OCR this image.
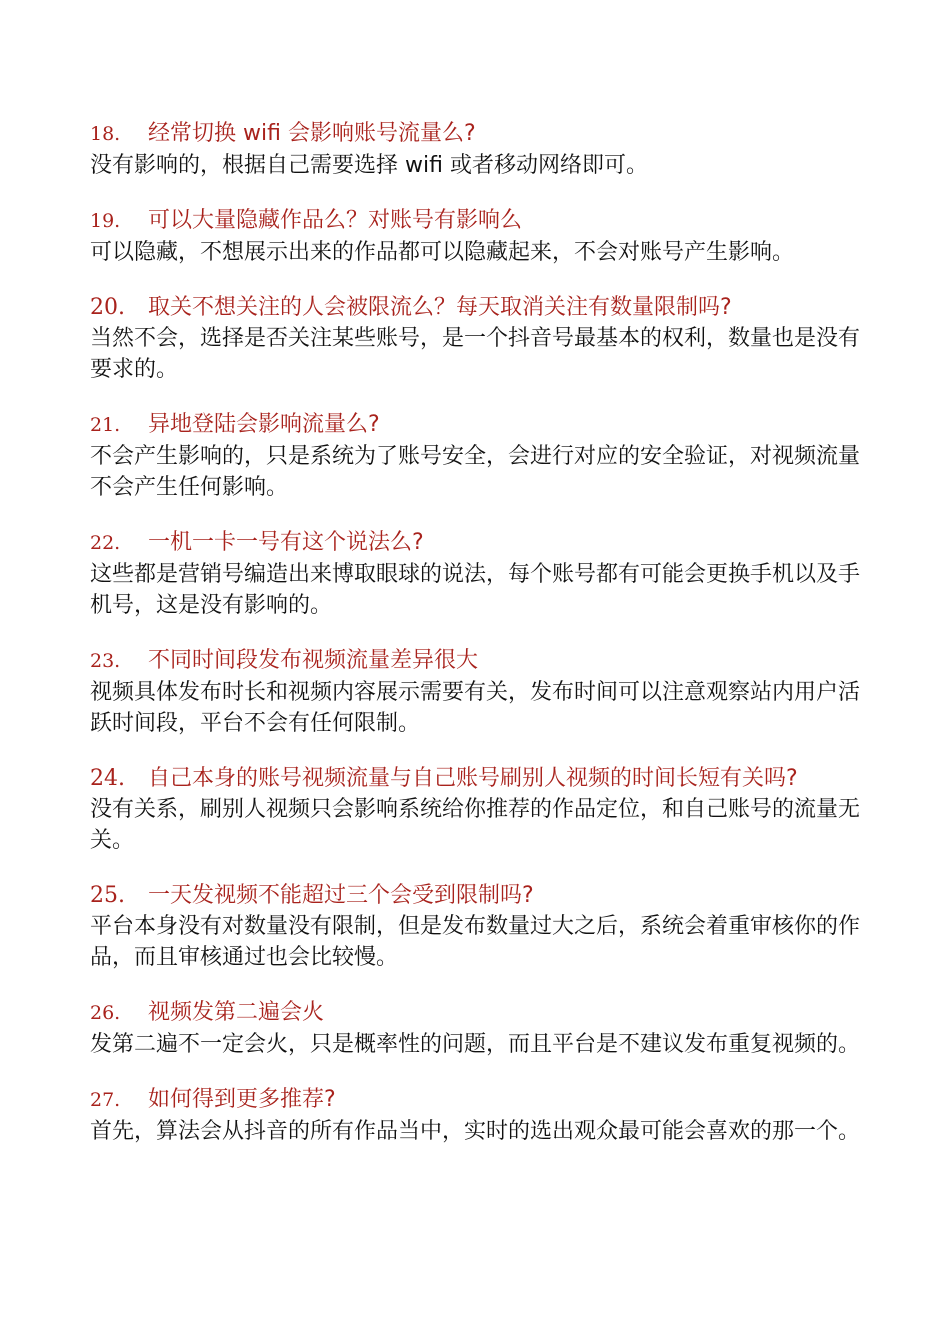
18. 经常切换 wifi 会影响账号流量么?

没有影响的，根据自己需要选择 wifi 或者移动网络即可。

19. 可以大量隐藏作品么？对账号有影响么

可以隐藏，不想展示出来的作品都可以隐藏起来，不会对账号产生影响。

20. 取关不想关注的人会被限流么？每天取消关注有数量限制吗?

当然不会，选择是否关注某些账号，是一个抖音号最基本的权利，数量也是没有要求的。

21. 异地登陆会影响流量么?

不会产生影响的，只是系统为了账号安全，会进行对应的安全验证，对视频流量不会产生任何影响。

22. 一机一卡一号有这个说法么?

这些都是营销号编造出来博取眼球的说法，每个账号都有可能会更换手机以及手机号，这是没有影响的。

23. 不同时间段发布视频流量差异很大

视频具体发布时长和视频内容展示需要有关，发布时间可以注意观察站内用户活跃时间段，平台不会有任何限制。

24. 自己本身的账号视频流量与自己账号刷别人视频的时间长短有关吗?

没有关系，刷别人视频只会影响系统给你推荐的作品定位，和自己账号的流量无关。

25. 一天发视频不能超过三个会受到限制吗?

平台本身没有对数量没有限制，但是发布数量过大之后，系统会着重审核你的作品，而且审核通过也会比较慢。

26. 视频发第二遍会火

发第二遍不一定会火，只是概率性的问题，而且平台是不建议发布重复视频的。

27. 如何得到更多推荐?

首先，算法会从抖音的所有作品当中，实时的选出观众最可能会喜欢的那一个。
